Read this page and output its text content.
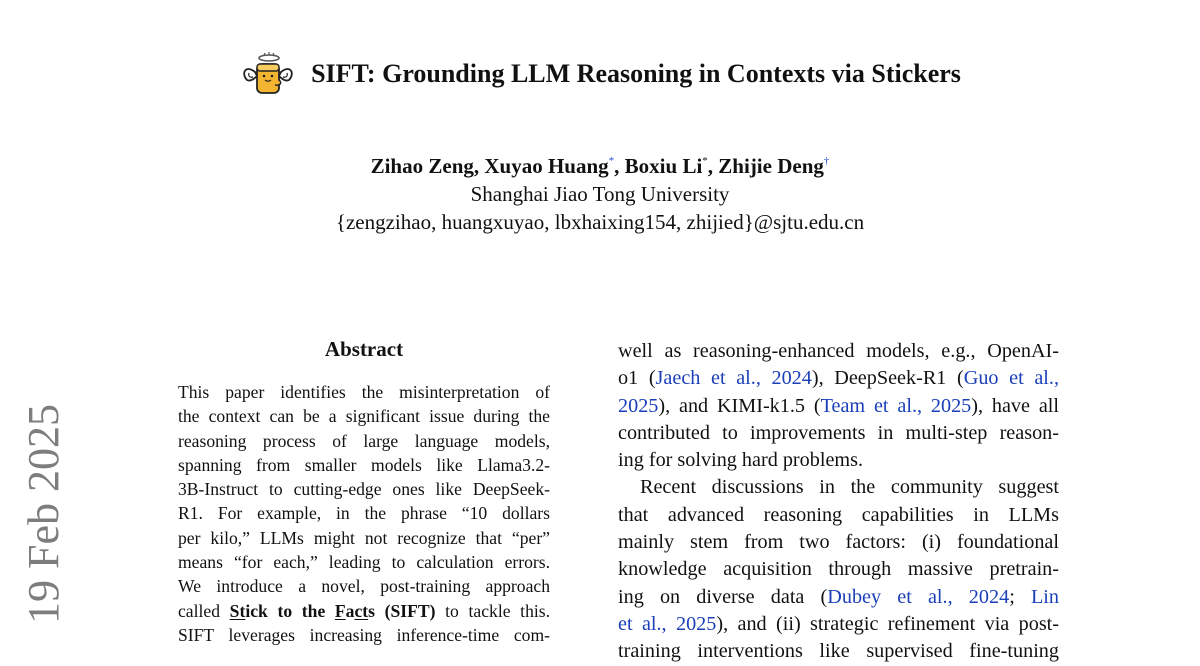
SIFT: Grounding LLM Reasoning in Contexts via Stickers
Zihao Zeng, Xuyao Huang*, Boxiu Li*, Zhijie Deng†
Shanghai Jiao Tong University
{zengzihao, huangxuyao, lbxhaixing154, zhijied}@sjtu.edu.cn
19 Feb 2025
Abstract
This paper identifies the misinterpretation of
the context can be a significant issue during the
reasoning process of large language models,
spanning from smaller models like Llama3.2-
3B-Instruct to cutting-edge ones like DeepSeek-
R1. For example, in the phrase “10 dollars
per kilo,” LLMs might not recognize that “per”
means “for each,” leading to calculation errors.
We introduce a novel, post-training approach
called Stick to the Facts (SIFT) to tackle this.
SIFT leverages increasing inference-time com-
well as reasoning-enhanced models, e.g., OpenAI-
o1 (Jaech et al., 2024), DeepSeek-R1 (Guo et al.,
2025), and KIMI-k1.5 (Team et al., 2025), have all
contributed to improvements in multi-step reason-
ing for solving hard problems.
Recent discussions in the community suggest
that advanced reasoning capabilities in LLMs
mainly stem from two factors: (i) foundational
knowledge acquisition through massive pretrain-
ing on diverse data (Dubey et al., 2024; Lin
et al., 2025), and (ii) strategic refinement via post-
training interventions like supervised fine-tuning
